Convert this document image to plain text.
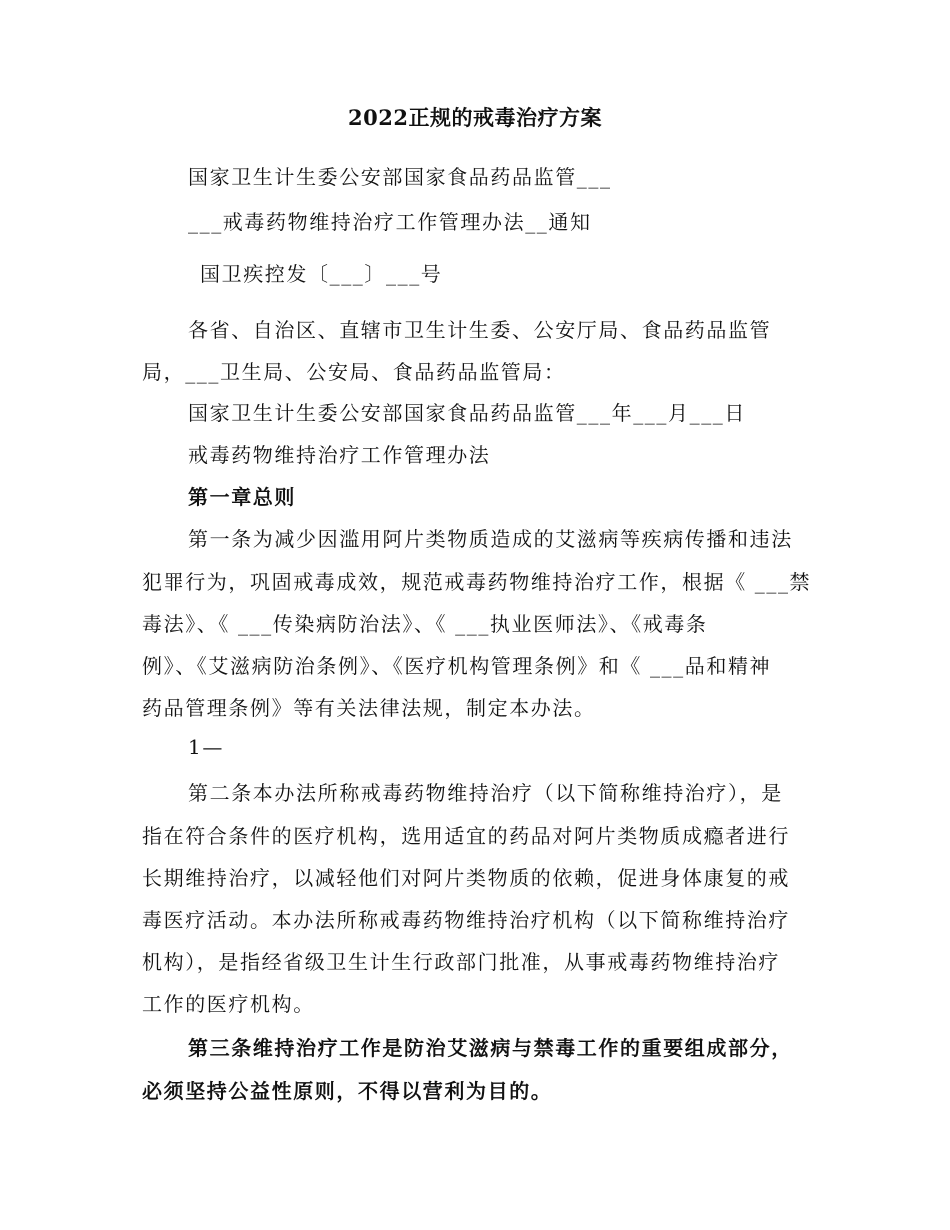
2022正规的戒毒治疗方案
国家卫生计生委公安部国家食品药品监管___
___戒毒药物维持治疗工作管理办法__通知
国卫疾控发〔___〕___号
各省、自治区、直辖市卫生计生委、公安厅局、食品药品监管
局，___卫生局、公安局、食品药品监管局：
国家卫生计生委公安部国家食品药品监管___年___月___日
戒毒药物维持治疗工作管理办法
第一章总则
第一条为减少因滥用阿片类物质造成的艾滋病等疾病传播和违法
犯罪行为，巩固戒毒成效，规范戒毒药物维持治疗工作，根据《 ___禁
毒法》、《 ___传染病防治法》、《 ___执业医师法》、《戒毒条
例》、《艾滋病防治条例》、《医疗机构管理条例》和《 ___品和精神
药品管理条例》等有关法律法规，制定本办法。
1—
第二条本办法所称戒毒药物维持治疗（以下简称维持治疗），是
指在符合条件的医疗机构，选用适宜的药品对阿片类物质成瘾者进行
长期维持治疗，以减轻他们对阿片类物质的依赖，促进身体康复的戒
毒医疗活动。本办法所称戒毒药物维持治疗机构（以下简称维持治疗
机构），是指经省级卫生计生行政部门批准，从事戒毒药物维持治疗
工作的医疗机构。
第三条维持治疗工作是防治艾滋病与禁毒工作的重要组成部分，
必须坚持公益性原则，不得以营利为目的。
